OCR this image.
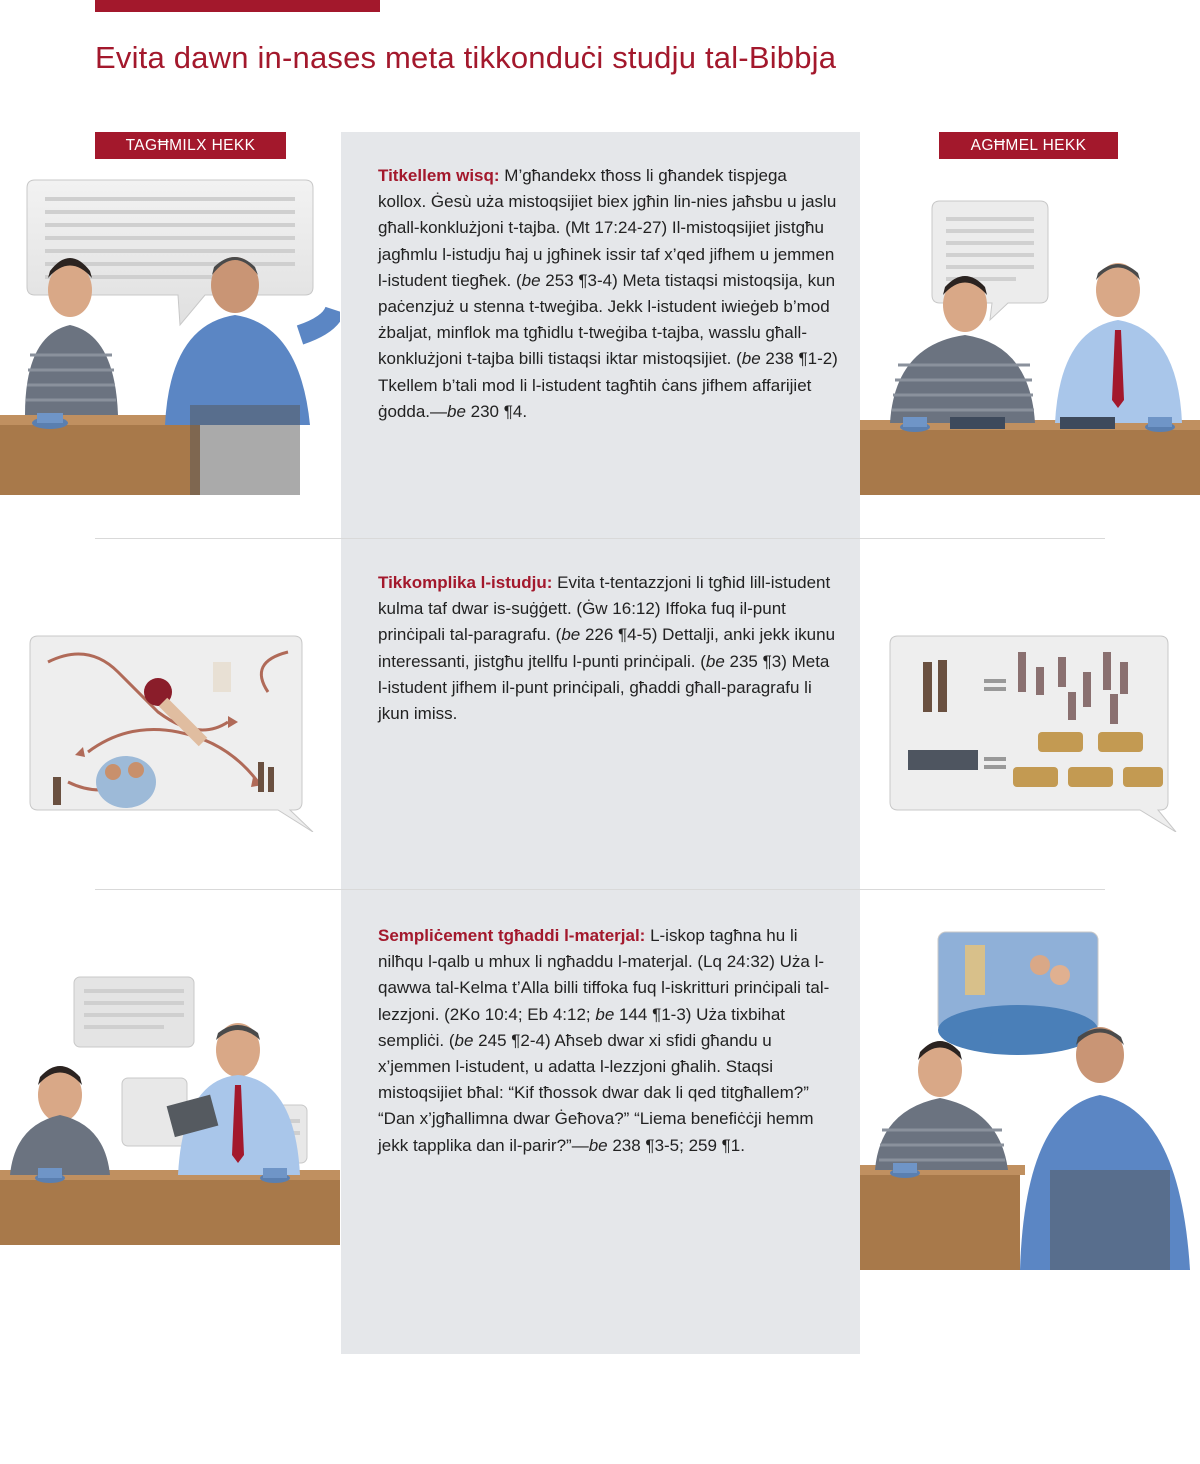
Evita dawn in-nases meta tikkonduċi studju tal-Bibbja
TAGĦMILX HEKK	AGĦMEL HEKK
Titkellem wisq: M’għandekx tħoss li għandek tispjega kollox. Ġesù uża mistoqsijiet biex jgħin lin-nies jaħsbu u jaslu għall-konklużjoni t-tajba. (Mt 17:24-27) Il-mistoqsijiet jistgħu jagħmlu l-istudju ħaj u jgħinek issir taf x’qed jifhem u jemmen l-istudent tiegħek. (be 253 ¶3-4) Meta tistaqsi mistoqsija, kun paċenzjuż u stenna t-tweġiba. Jekk l-istudent iwieġeb b’mod żbaljat, minflok ma tgħidlu t-tweġiba t-tajba, wasslu għall-konklużjoni t-tajba billi tistaqsi iktar mistoqsijiet. (be 238 ¶1-2) Tkellem b’tali mod li l-istudent tagħtih ċans jifhem affarijiet ġodda.—be 230 ¶4.
Tikkomplika l-istudju: Evita t-tentazzjoni li tgħid lill-istudent kulma taf dwar is-suġġett. (Ġw 16:12) Iffoka fuq il-punt prinċipali tal-paragrafu. (be 226 ¶4-5) Dettalji, anki jekk ikunu interessanti, jistgħu jtellfu l-punti prinċipali. (be 235 ¶3) Meta l-istudent jifhem il-punt prinċipali, għaddi għall-paragrafu li jkun imiss.
Sempliċement tgħaddi l-materjal: L-iskop tagħna hu li nilħqu l-qalb u mhux li ngħaddu l-materjal. (Lq 24:32) Uża l-qawwa tal-Kelma t’Alla billi tiffoka fuq l-iskritturi prinċipali tal-lezzjoni. (2Ko 10:4; Eb 4:12; be 144 ¶1-3) Uża tixbihat sempliċi. (be 245 ¶2-4) Aħseb dwar xi sfidi għandu u x’jemmen l-istudent, u adatta l-lezzjoni għalih. Staqsi mistoqsijiet bħal: “Kif tħossok dwar dak li qed titgħallem?” “Dan x’jgħallimna dwar Ġeħova?” “Liema benefiċċji hemm jekk tapplika dan il-parir?”—be 238 ¶3-5; 259 ¶1.
